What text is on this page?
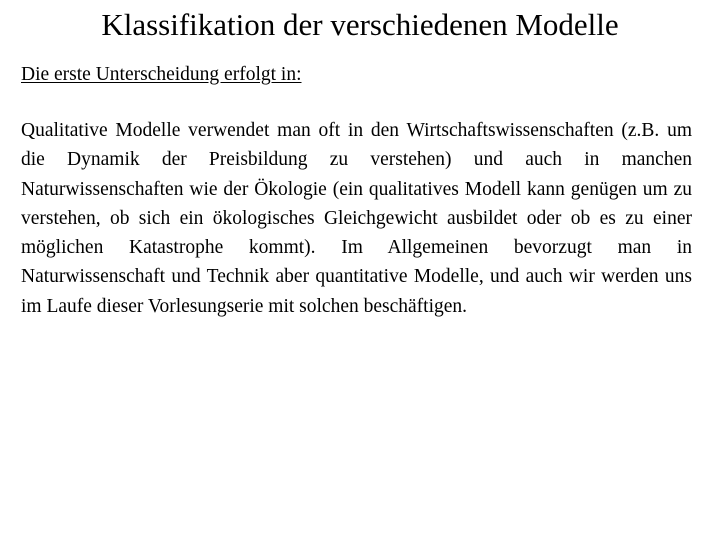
Klassifikation der verschiedenen Modelle

Die erste Unterscheidung erfolgt in:

Qualitative Modelle verwendet man oft in den Wirtschaftswissenschaften (z.B. um die Dynamik der Preisbildung zu verstehen) und auch in manchen Naturwissenschaften wie der Ökologie (ein qualitatives Modell kann genügen um zu verstehen, ob sich ein ökologisches Gleichgewicht ausbildet oder ob es zu einer möglichen Katastrophe kommt). Im Allgemeinen bevorzugt man in Naturwissenschaft und Technik aber quantitative Modelle, und auch wir werden uns im Laufe dieser Vorlesungserie mit solchen beschäftigen.
